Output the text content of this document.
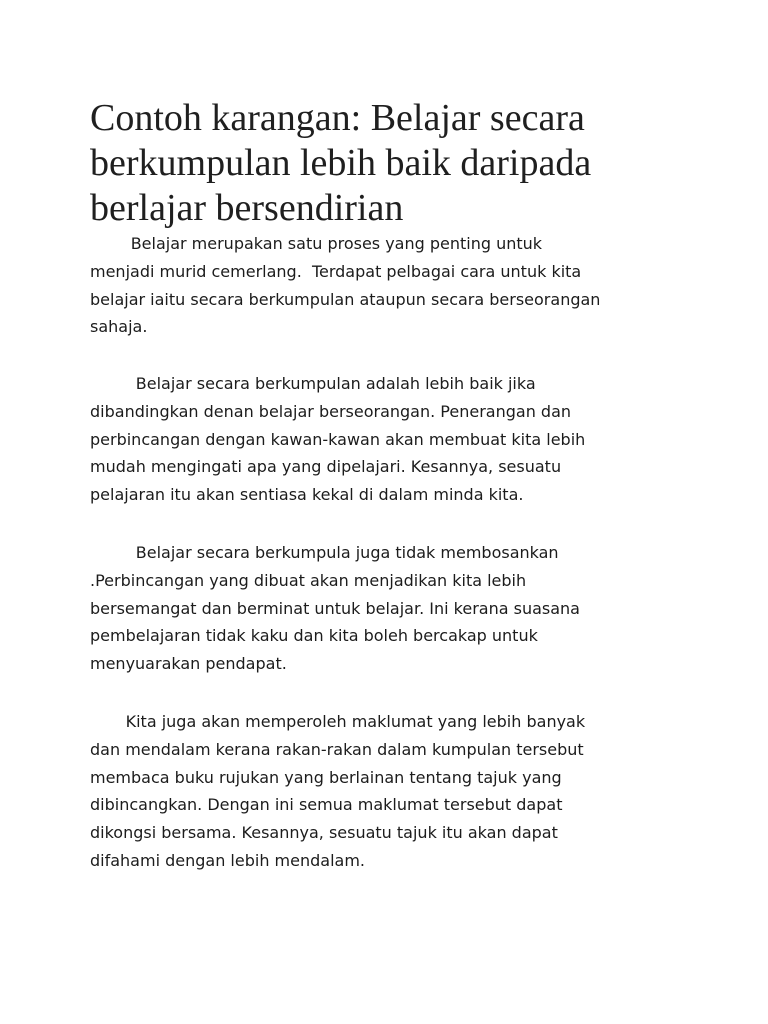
Contoh karangan: Belajar secara
berkumpulan lebih baik daripada
berlajar bersendirian

Belajar merupakan satu proses yang penting untuk
menjadi murid cemerlang.  Terdapat pelbagai cara untuk kita
belajar iaitu secara berkumpulan ataupun secara berseorangan
sahaja.

Belajar secara berkumpulan adalah lebih baik jika
dibandingkan denan belajar berseorangan. Penerangan dan
perbincangan dengan kawan-kawan akan membuat kita lebih
mudah mengingati apa yang dipelajari. Kesannya, sesuatu
pelajaran itu akan sentiasa kekal di dalam minda kita.

Belajar secara berkumpula juga tidak membosankan
.Perbincangan yang dibuat akan menjadikan kita lebih
bersemangat dan berminat untuk belajar. Ini kerana suasana
pembelajaran tidak kaku dan kita boleh bercakap untuk
menyuarakan pendapat.

Kita juga akan memperoleh maklumat yang lebih banyak
dan mendalam kerana rakan-rakan dalam kumpulan tersebut
membaca buku rujukan yang berlainan tentang tajuk yang
dibincangkan. Dengan ini semua maklumat tersebut dapat
dikongsi bersama. Kesannya, sesuatu tajuk itu akan dapat
difahami dengan lebih mendalam.
